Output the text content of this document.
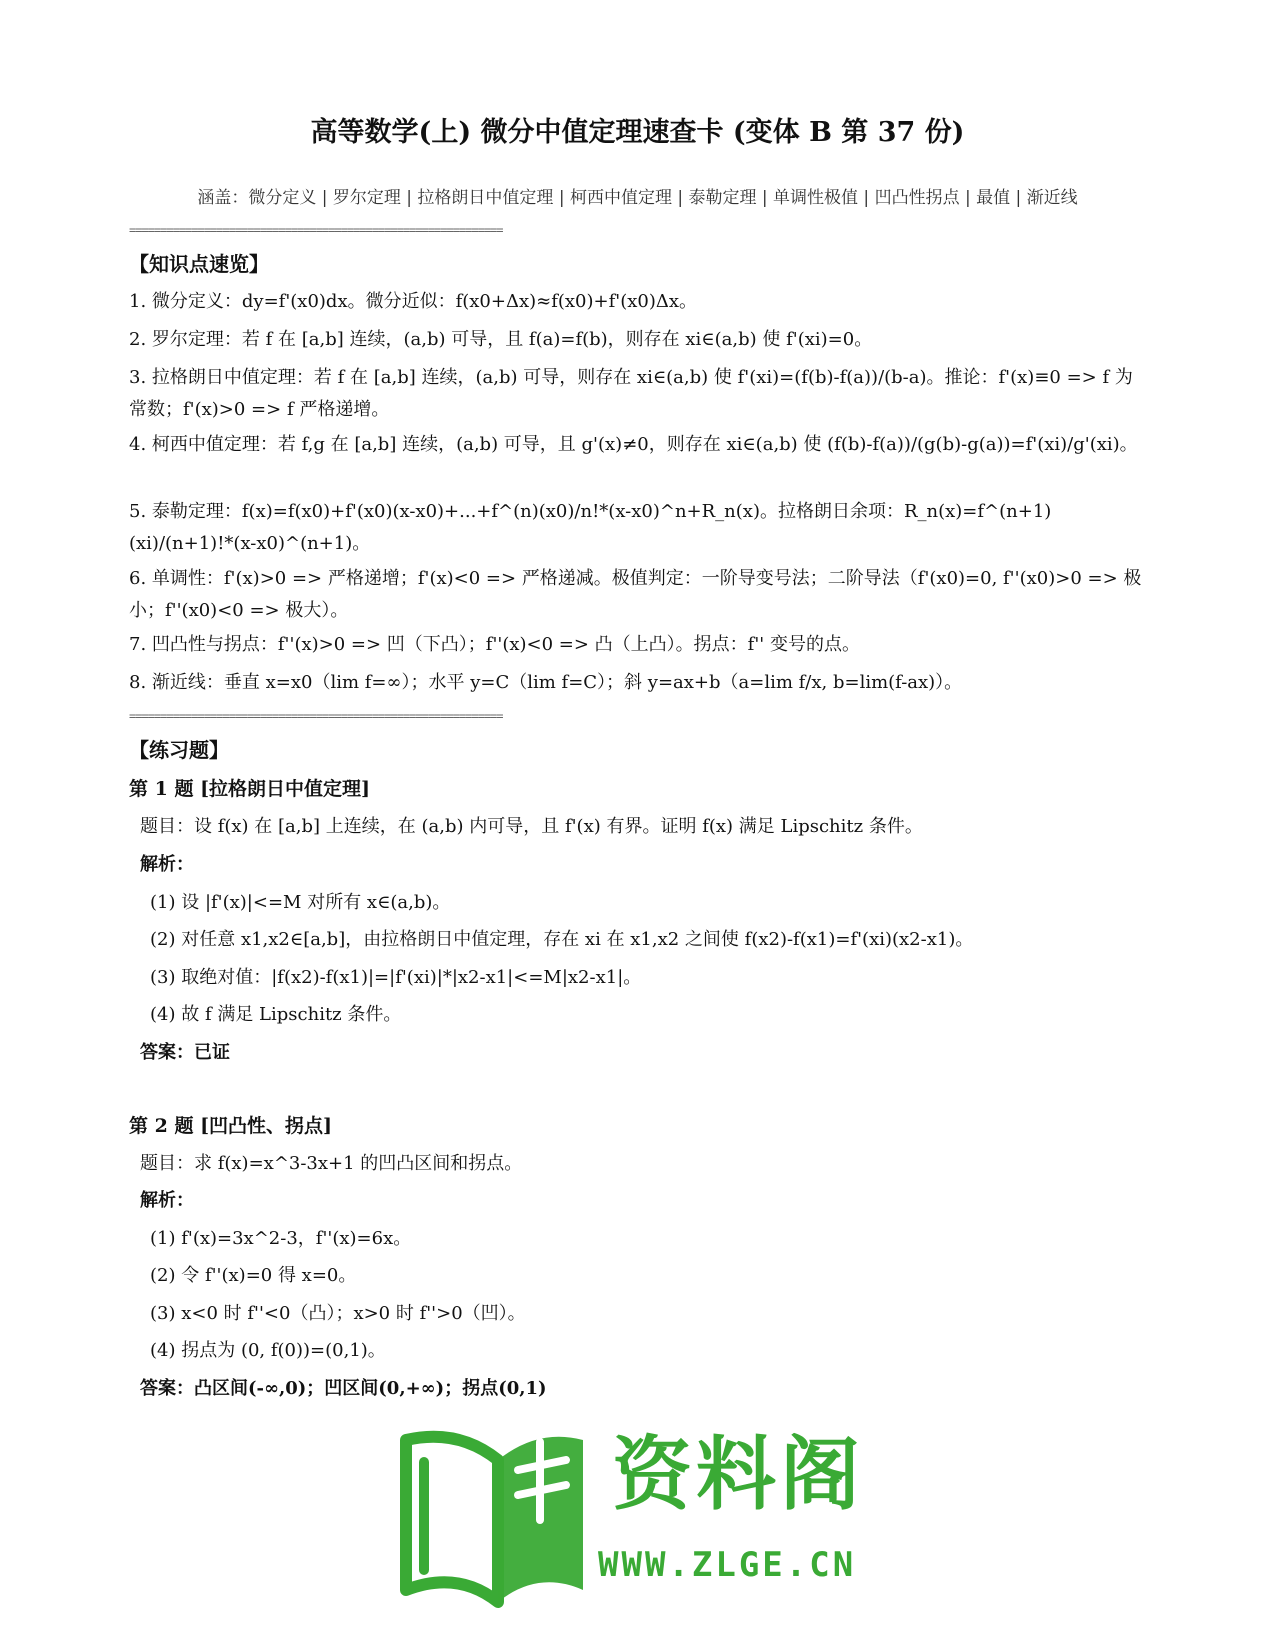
高等数学(上) 微分中值定理速查卡 (变体 B 第 37 份)
涵盖：微分定义 | 罗尔定理 | 拉格朗日中值定理 | 柯西中值定理 | 泰勒定理 | 单调性极值 | 凹凸性拐点 | 最值 | 渐近线
============================================================
【知识点速览】
1. 微分定义：dy=f'(x0)dx。微分近似：f(x0+Δx)≈f(x0)+f'(x0)Δx。
2. 罗尔定理：若 f 在 [a,b] 连续，(a,b) 可导，且 f(a)=f(b)，则存在 xi∈(a,b) 使 f'(xi)=0。
3. 拉格朗日中值定理：若 f 在 [a,b] 连续，(a,b) 可导，则存在 xi∈(a,b) 使 f'(xi)=(f(b)-f(a))/(b-a)。推论：f'(x)≡0 => f 为常数；f'(x)>0 => f 严格递增。
4. 柯西中值定理：若 f,g 在 [a,b] 连续，(a,b) 可导，且 g'(x)≠0，则存在 xi∈(a,b) 使 (f(b)-f(a))/(g(b)-g(a))=f'(xi)/g'(xi)。
5. 泰勒定理：f(x)=f(x0)+f'(x0)(x-x0)+...+f^(n)(x0)/n!*(x-x0)^n+R_n(x)。拉格朗日余项：R_n(x)=f^(n+1)(xi)/(n+1)!*(x-x0)^(n+1)。
6. 单调性：f'(x)>0 => 严格递增；f'(x)<0 => 严格递减。极值判定：一阶导变号法；二阶导法（f'(x0)=0, f''(x0)>0 => 极小；f''(x0)<0 => 极大）。
7. 凹凸性与拐点：f''(x)>0 => 凹（下凸）；f''(x)<0 => 凸（上凸）。拐点：f'' 变号的点。
8. 渐近线：垂直 x=x0（lim f=∞）；水平 y=C（lim f=C）；斜 y=ax+b（a=lim f/x, b=lim(f-ax)）。
============================================================
【练习题】
第 1 题 [拉格朗日中值定理]
题目：设 f(x) 在 [a,b] 上连续，在 (a,b) 内可导，且 f'(x) 有界。证明 f(x) 满足 Lipschitz 条件。
解析：
(1) 设 |f'(x)|<=M 对所有 x∈(a,b)。
(2) 对任意 x1,x2∈[a,b]，由拉格朗日中值定理，存在 xi 在 x1,x2 之间使 f(x2)-f(x1)=f'(xi)(x2-x1)。
(3) 取绝对值：|f(x2)-f(x1)|=|f'(xi)|*|x2-x1|<=M|x2-x1|。
(4) 故 f 满足 Lipschitz 条件。
答案：已证
第 2 题 [凹凸性、拐点]
题目：求 f(x)=x^3-3x+1 的凹凸区间和拐点。
解析：
(1) f'(x)=3x^2-3，f''(x)=6x。
(2) 令 f''(x)=0 得 x=0。
(3) x<0 时 f''<0（凸）；x>0 时 f''>0（凹）。
(4) 拐点为 (0, f(0))=(0,1)。
答案：凸区间(-∞,0)；凹区间(0,+∞)；拐点(0,1)
资料阁
WWW.ZLGE.CN
